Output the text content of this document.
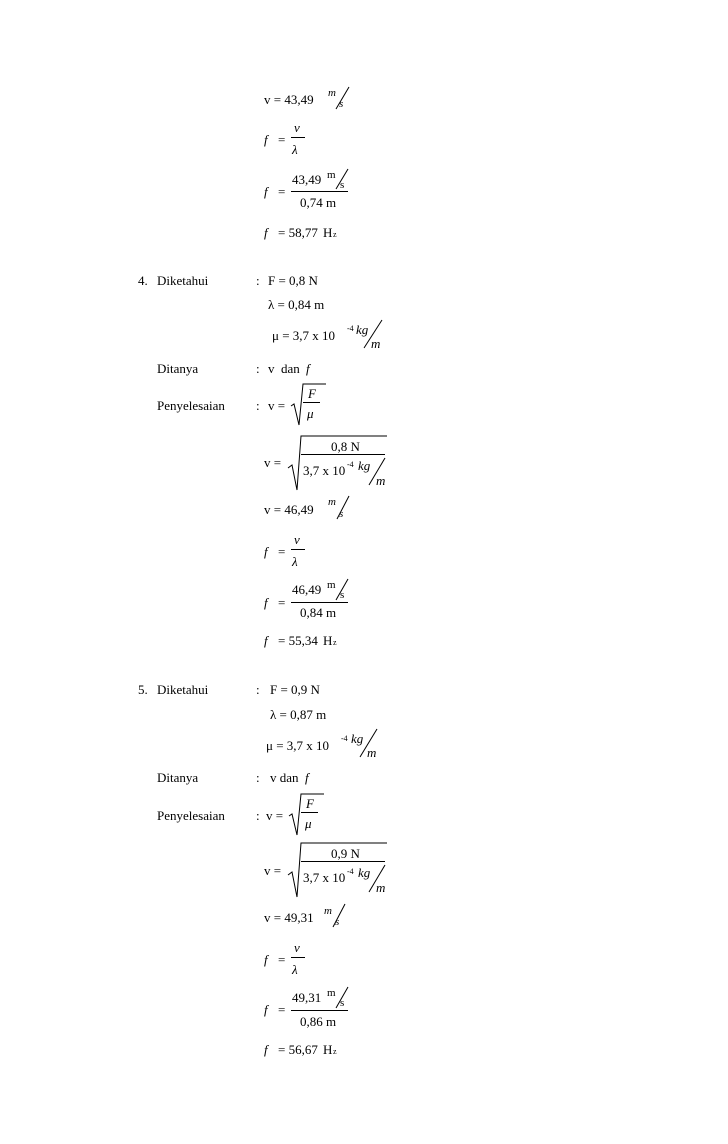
v = 43,49 m
s
f =
v
λ
f =
43,49 m
s
0,74 m
f = 58,77 H z
4. Diketahui	: F = 0,8 N
λ = 0,84 m
μ = 3,7 x 10 -4 kg
m
Ditanya	: v dan f
Penyelesaian : v =
F
μ
v =
0,8 N
3,7 x 10 -4 kg
m
v = 46,49 m
s
f =
v
λ
f =
46,49 m
s
0,84 m
f = 55,34 H z
5. Diketahui	: F = 0,9 N
λ = 0,87 m
μ = 3,7 x 10 -4 kg
m
Ditanya	: v dan f
Penyelesaian : v =
F
μ
v =
0,9 N
3,7 x 10 -4 kg
m
v = 49,31 m
s
f =
v
λ
f =
49,31 m
s
0,86 m
f = 56,67 H z
